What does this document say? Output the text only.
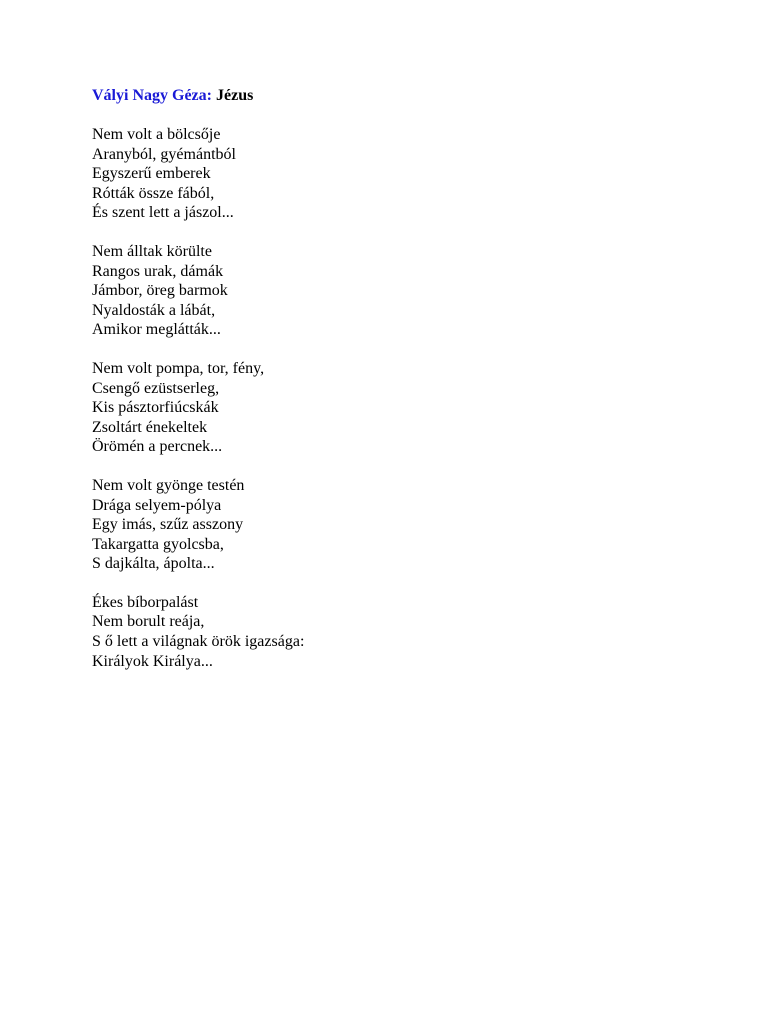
Vályi Nagy Géza: Jézus
Nem volt a bölcsője
Aranyból, gyémántból
Egyszerű emberek
Rótták össze fából,
És szent lett a jászol...
Nem álltak körülte
Rangos urak, dámák
Jámbor, öreg barmok
Nyaldosták a lábát,
Amikor meglátták...
Nem volt pompa, tor, fény,
Csengő ezüstserleg,
Kis pásztorfiúcskák
Zsoltárt énekeltek
Örömén a percnek...
Nem volt gyönge testén
Drága selyem-pólya
Egy imás, szűz asszony
Takargatta gyolcsba,
S dajkálta, ápolta...
Ékes bíborpalást
Nem borult reája,
S ő lett a világnak örök igazsága:
Királyok Királya...
